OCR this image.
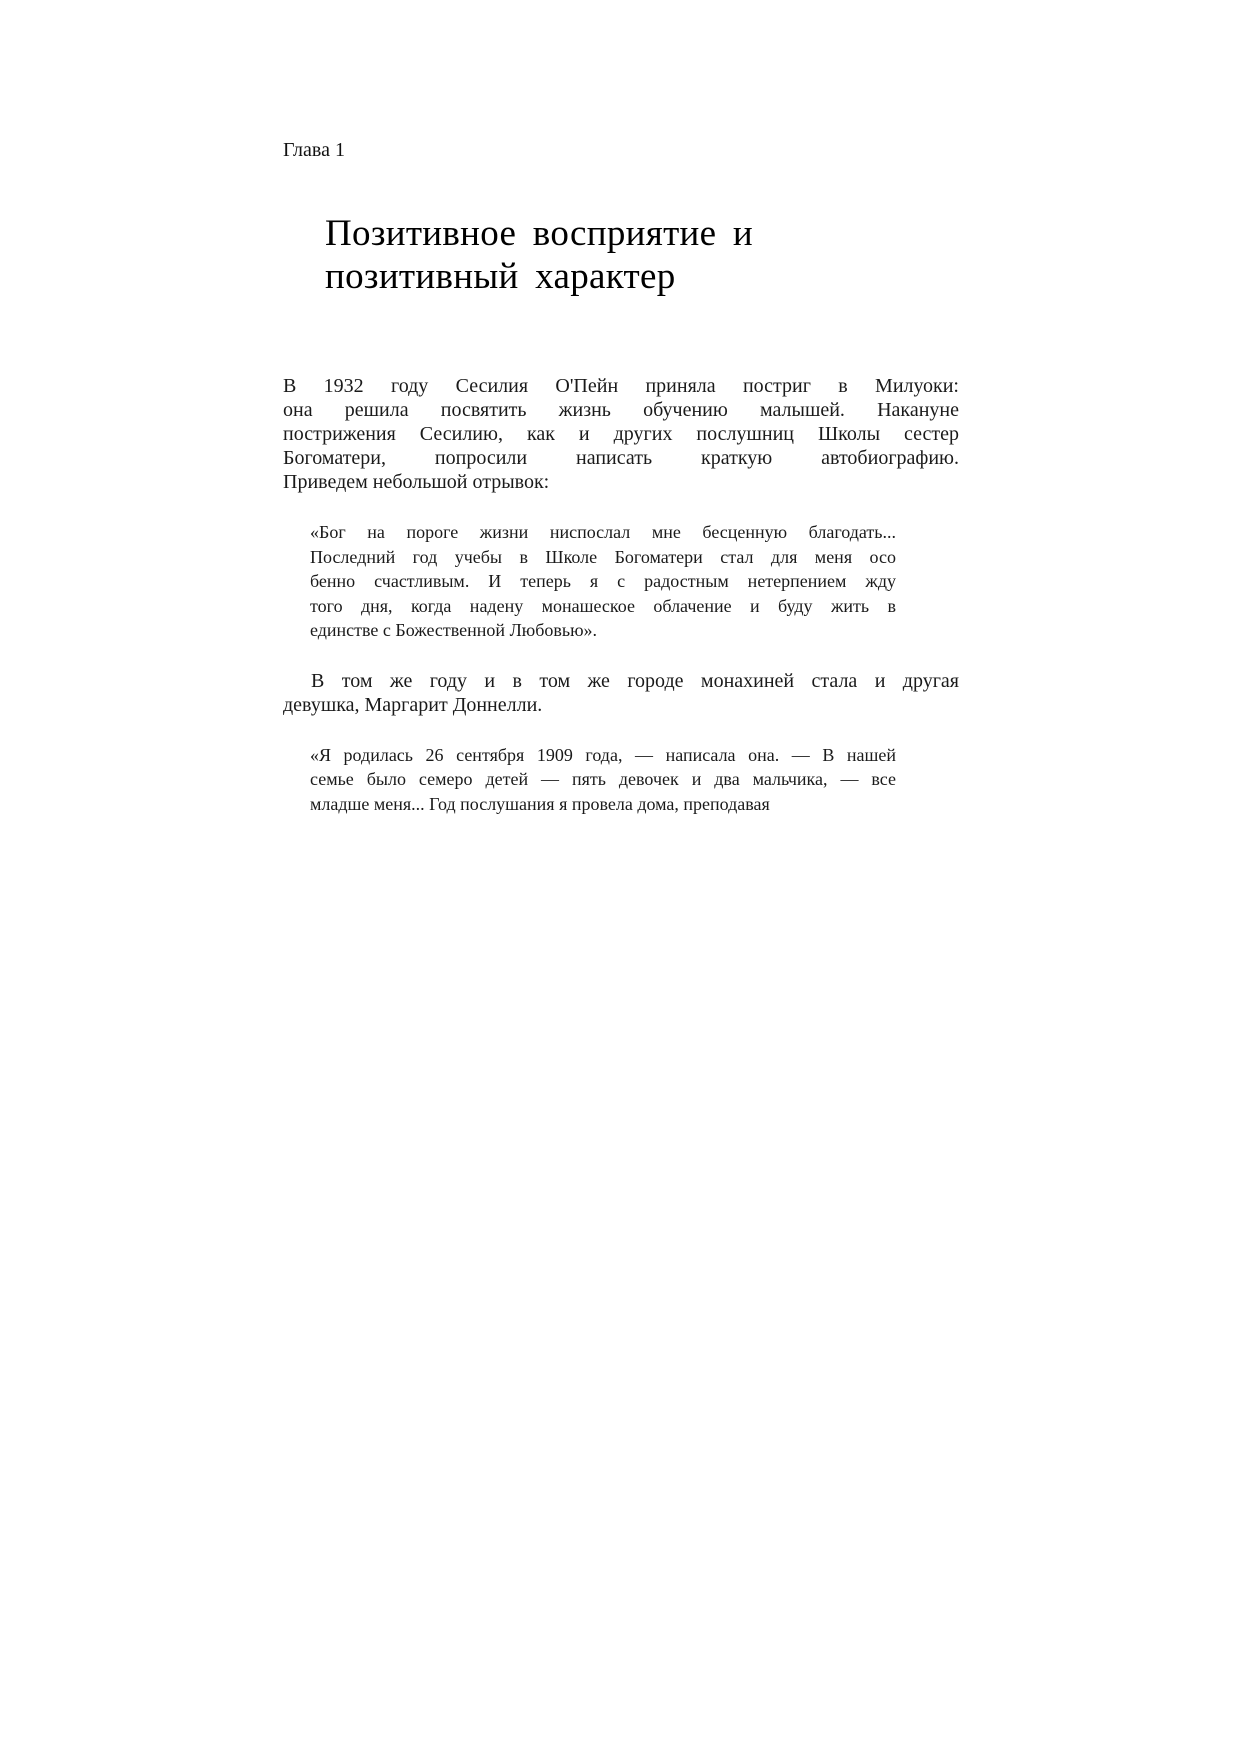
Глава 1
Позитивное восприятие и
позитивный характер
В 1932 году Сесилия О'Пейн приняла постриг в Милуоки:
она решила посвятить жизнь обучению малышей. Накануне
пострижения Сесилию, как и других послушниц Школы сестер
Богоматери, попросили написать краткую автобиографию.
Приведем небольшой отрывок:
«Бог на пороге жизни ниспослал мне бесценную благодать...
Последний год учебы в Школе Богоматери стал для меня осо
бенно счастливым. И теперь я с радостным нетерпением жду
того дня, когда надену монашеское облачение и буду жить в
единстве с Божественной Любовью».
В том же году и в том же городе монахиней стала и другая
девушка, Маргарит Доннелли.
«Я родилась 26 сентября 1909 года, — написала она. — В нашей
семье было семеро детей — пять девочек и два мальчика, — все
младше меня... Год послушания я провела дома, преподавая
